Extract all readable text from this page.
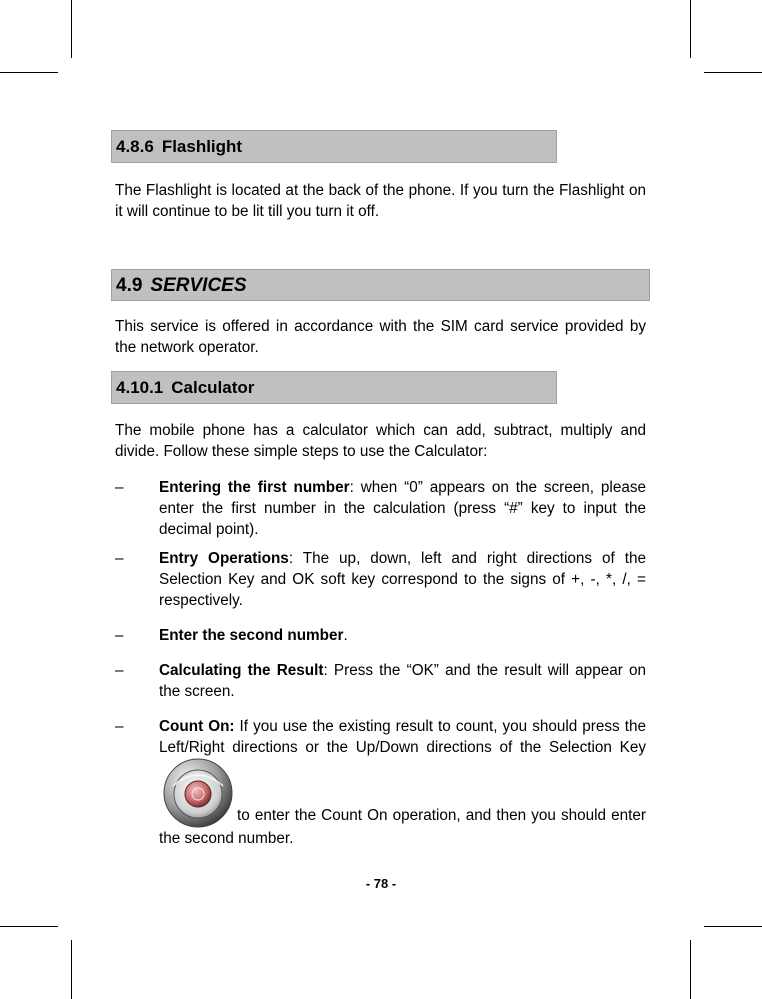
4.8.6 Flashlight
The Flashlight is located at the back of the phone. If you turn the Flashlight on it will continue to be lit till you turn it off.
4.9 SERVICES
This service is offered in accordance with the SIM card service provided by the network operator.
4.10.1 Calculator
The mobile phone has a calculator which can add, subtract, multiply and divide. Follow these simple steps to use the Calculator:
– Entering the first number: when “0” appears on the screen, please enter the first number in the calculation (press “#” key to input the decimal point).
– Entry Operations: The up, down, left and right directions of the Selection Key and OK soft key correspond to the signs of +, -, *, /, = respectively.
– Enter the second number.
– Calculating the Result: Press the “OK” and the result will appear on the screen.
– Count On: If you use the existing result to count, you should press the Left/Right directions or the Up/Down directions of the Selection Key to enter the Count On operation, and then you should enter the second number.
- 78 -
